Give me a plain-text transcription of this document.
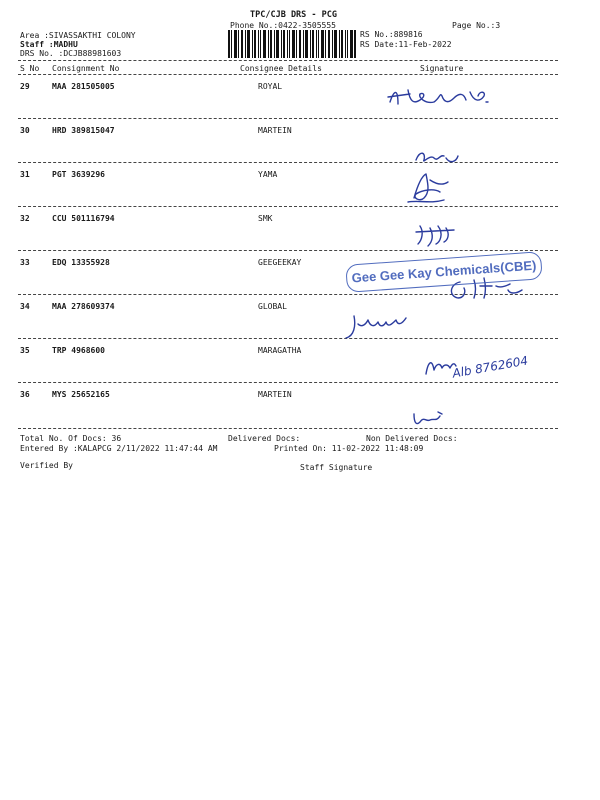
TPC/CJB DRS - PCG
Phone No.:0422-3505555	Page No.:3
Area :SIVASSAKTHI COLONY
Staff :MADHU
DRS No. :DCJB88981603
RS No.:889816
RS Date:11-Feb-2022
S No Consignment No	Consignee Details	Signature
29	MAA 281505005	ROYAL
30	HRD 389815047	MARTEIN
31	PGT 3639296	YAMA
32	CCU 501116794	SMK
33	EDQ 13355928	GEEGEEKAY
34	MAA 278609374	GLOBAL
35	TRP 4968600	MARAGATHA
36	MYS 25652165	MARTEIN
Alb 8762604
Gee Gee Kay Chemicals(CBE)
Total No. Of Docs: 36	Delivered Docs:	Non Delivered Docs:
Entered By :KALAPCG 2/11/2022 11:47:44 AM	Printed On: 11-02-2022 11:48:09
Verified By	Staff Signature
